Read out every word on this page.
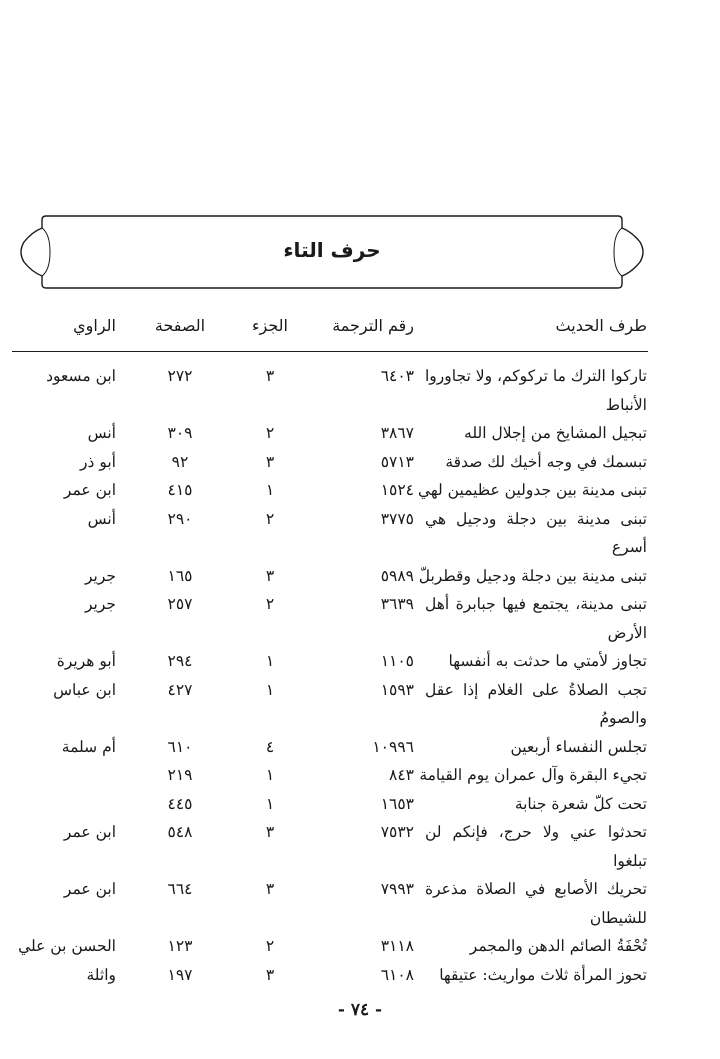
حرف التاء
طرف الحديث
رقم الترجمة
الجزء
الصفحة
الراوي
تاركوا الترك ما تركوكم، ولا تجاوروا الأنباط
٦٤٠٣
٣
٢٧٢
ابن مسعود
تبجيل المشايخ من إجلال الله
٣٨٦٧
٢
٣٠٩
أنس
تبسمك في وجه أخيك لك صدقة
٥٧١٣
٣
٩٢
أبو ذر
تبنى مدينة بين جدولين عظيمين لهي
١٥٢٤
١
٤١٥
ابن عمر
تبنى مدينة بين دجلة ودجيل هي أسرع
٣٧٧٥
٢
٢٩٠
أنس
تبنى مدينة بين دجلة ودجيل وقطربلّ
٥٩٨٩
٣
١٦٥
جرير
تبنى مدينة، يجتمع فيها جبابرة أهل الأرض
٣٦٣٩
٢
٢٥٧
جرير
تجاوز لأمتي ما حدثت به أنفسها
١١٠٥
١
٢٩٤
أبو هريرة
تجب الصلاةُ على الغلام إذا عقل والصومُ
١٥٩٣
١
٤٢٧
ابن عباس
تجلس النفساء أربعين
١٠٩٩٦
٤
٦١٠
أم سلمة
تجيء البقرة وآل عمران يوم القيامة
٨٤٣
١
٢١٩
تحت كلّ شعرة جنابة
١٦٥٣
١
٤٤٥
تحدثوا عني ولا حرج، فإنكم لن تبلغوا
٧٥٣٢
٣
٥٤٨
ابن عمر
تحريك الأصابع في الصلاة مذعرة للشيطان
٧٩٩٣
٣
٦٦٤
ابن عمر
تُحْفَةُ الصائم الدهن والمجمر
٣١١٨
٢
١٢٣
الحسن بن علي
تحوز المرأة ثلاث مواريث: عتيقها
٦١٠٨
٣
١٩٧
واثلة
- ٧٤ -
